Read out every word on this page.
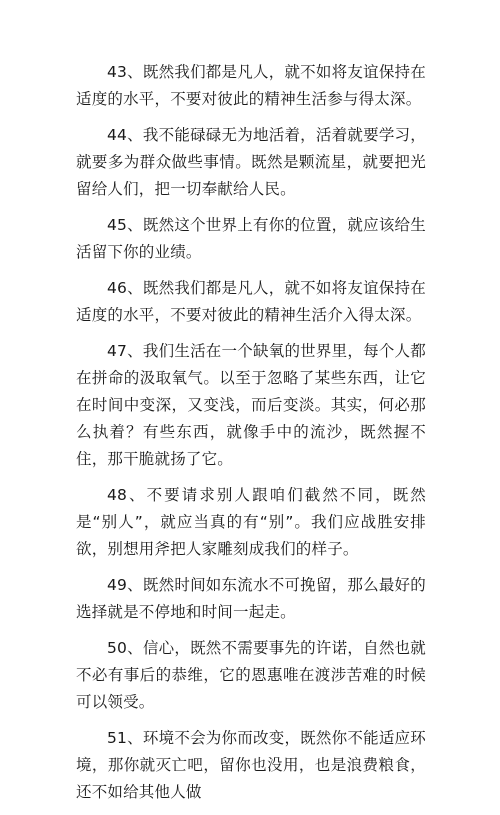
43、既然我们都是凡人，就不如将友谊保持在适度的水平，不要对彼此的精神生活参与得太深。

44、我不能碌碌无为地活着，活着就要学习，就要多为群众做些事情。既然是颗流星，就要把光留给人们，把一切奉献给人民。

45、既然这个世界上有你的位置，就应该给生活留下你的业绩。

46、既然我们都是凡人，就不如将友谊保持在适度的水平，不要对彼此的精神生活介入得太深。

47、我们生活在一个缺氧的世界里，每个人都在拼命的汲取氧气。以至于忽略了某些东西，让它在时间中变深，又变浅，而后变淡。其实，何必那么执着？有些东西，就像手中的流沙，既然握不住，那干脆就扬了它。

48、不要请求别人跟咱们截然不同，既然是“别人”，就应当真的有“别”。我们应战胜安排欲，别想用斧把人家雕刻成我们的样子。

49、既然时间如东流水不可挽留，那么最好的选择就是不停地和时间一起走。

50、信心，既然不需要事先的许诺，自然也就不必有事后的恭维，它的恩惠唯在渡涉苦难的时候可以领受。

51、环境不会为你而改变，既然你不能适应环境，那你就灭亡吧，留你也没用，也是浪费粮食，还不如给其他人做
